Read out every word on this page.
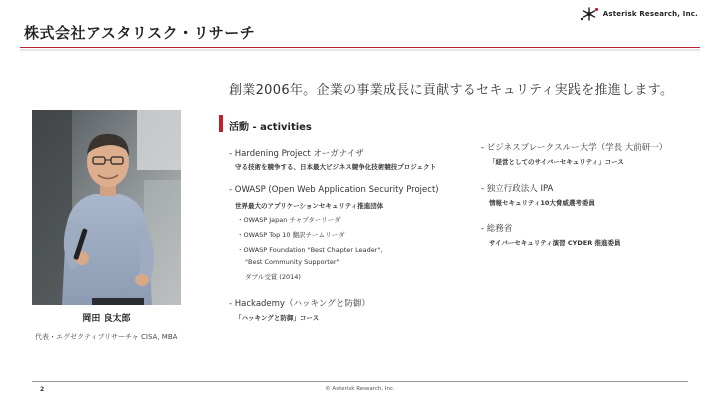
株式会社アスタリスク・リサーチ
Asterisk Research, Inc.
創業2006年。企業の事業成長に貢献するセキュリティ実践を推進します。
岡田 良太郎
代表・エグゼクティブリサーチャ CISA, MBA
活動 - activities
- Hardening Project オーガナイザ
守る技術を競争する、日本最大ビジネス競争化技術競技プロジェクト
- OWASP (Open Web Application Security Project)
世界最大のアプリケーションセキュリティ推進団体
・OWASP Japan チャプターリーダ
・OWASP Top 10 翻訳チームリーダ
・OWASP Foundation "Best Chapter Leader",
"Best Community Supporter"
ダブル受賞 (2014)
- Hackademy（ハッキングと防御）
「ハッキングと防御」コース
- ビジネスブレークスルー大学（学長 大前研一）
「経営としてのサイバーセキュリティ」コース
- 独立行政法人 IPA
情報セキュリティ10大脅威選考委員
- 総務省
サイバーセキュリティ演習 CYDER 推進委員
2	© Asterisk Research, Inc.
